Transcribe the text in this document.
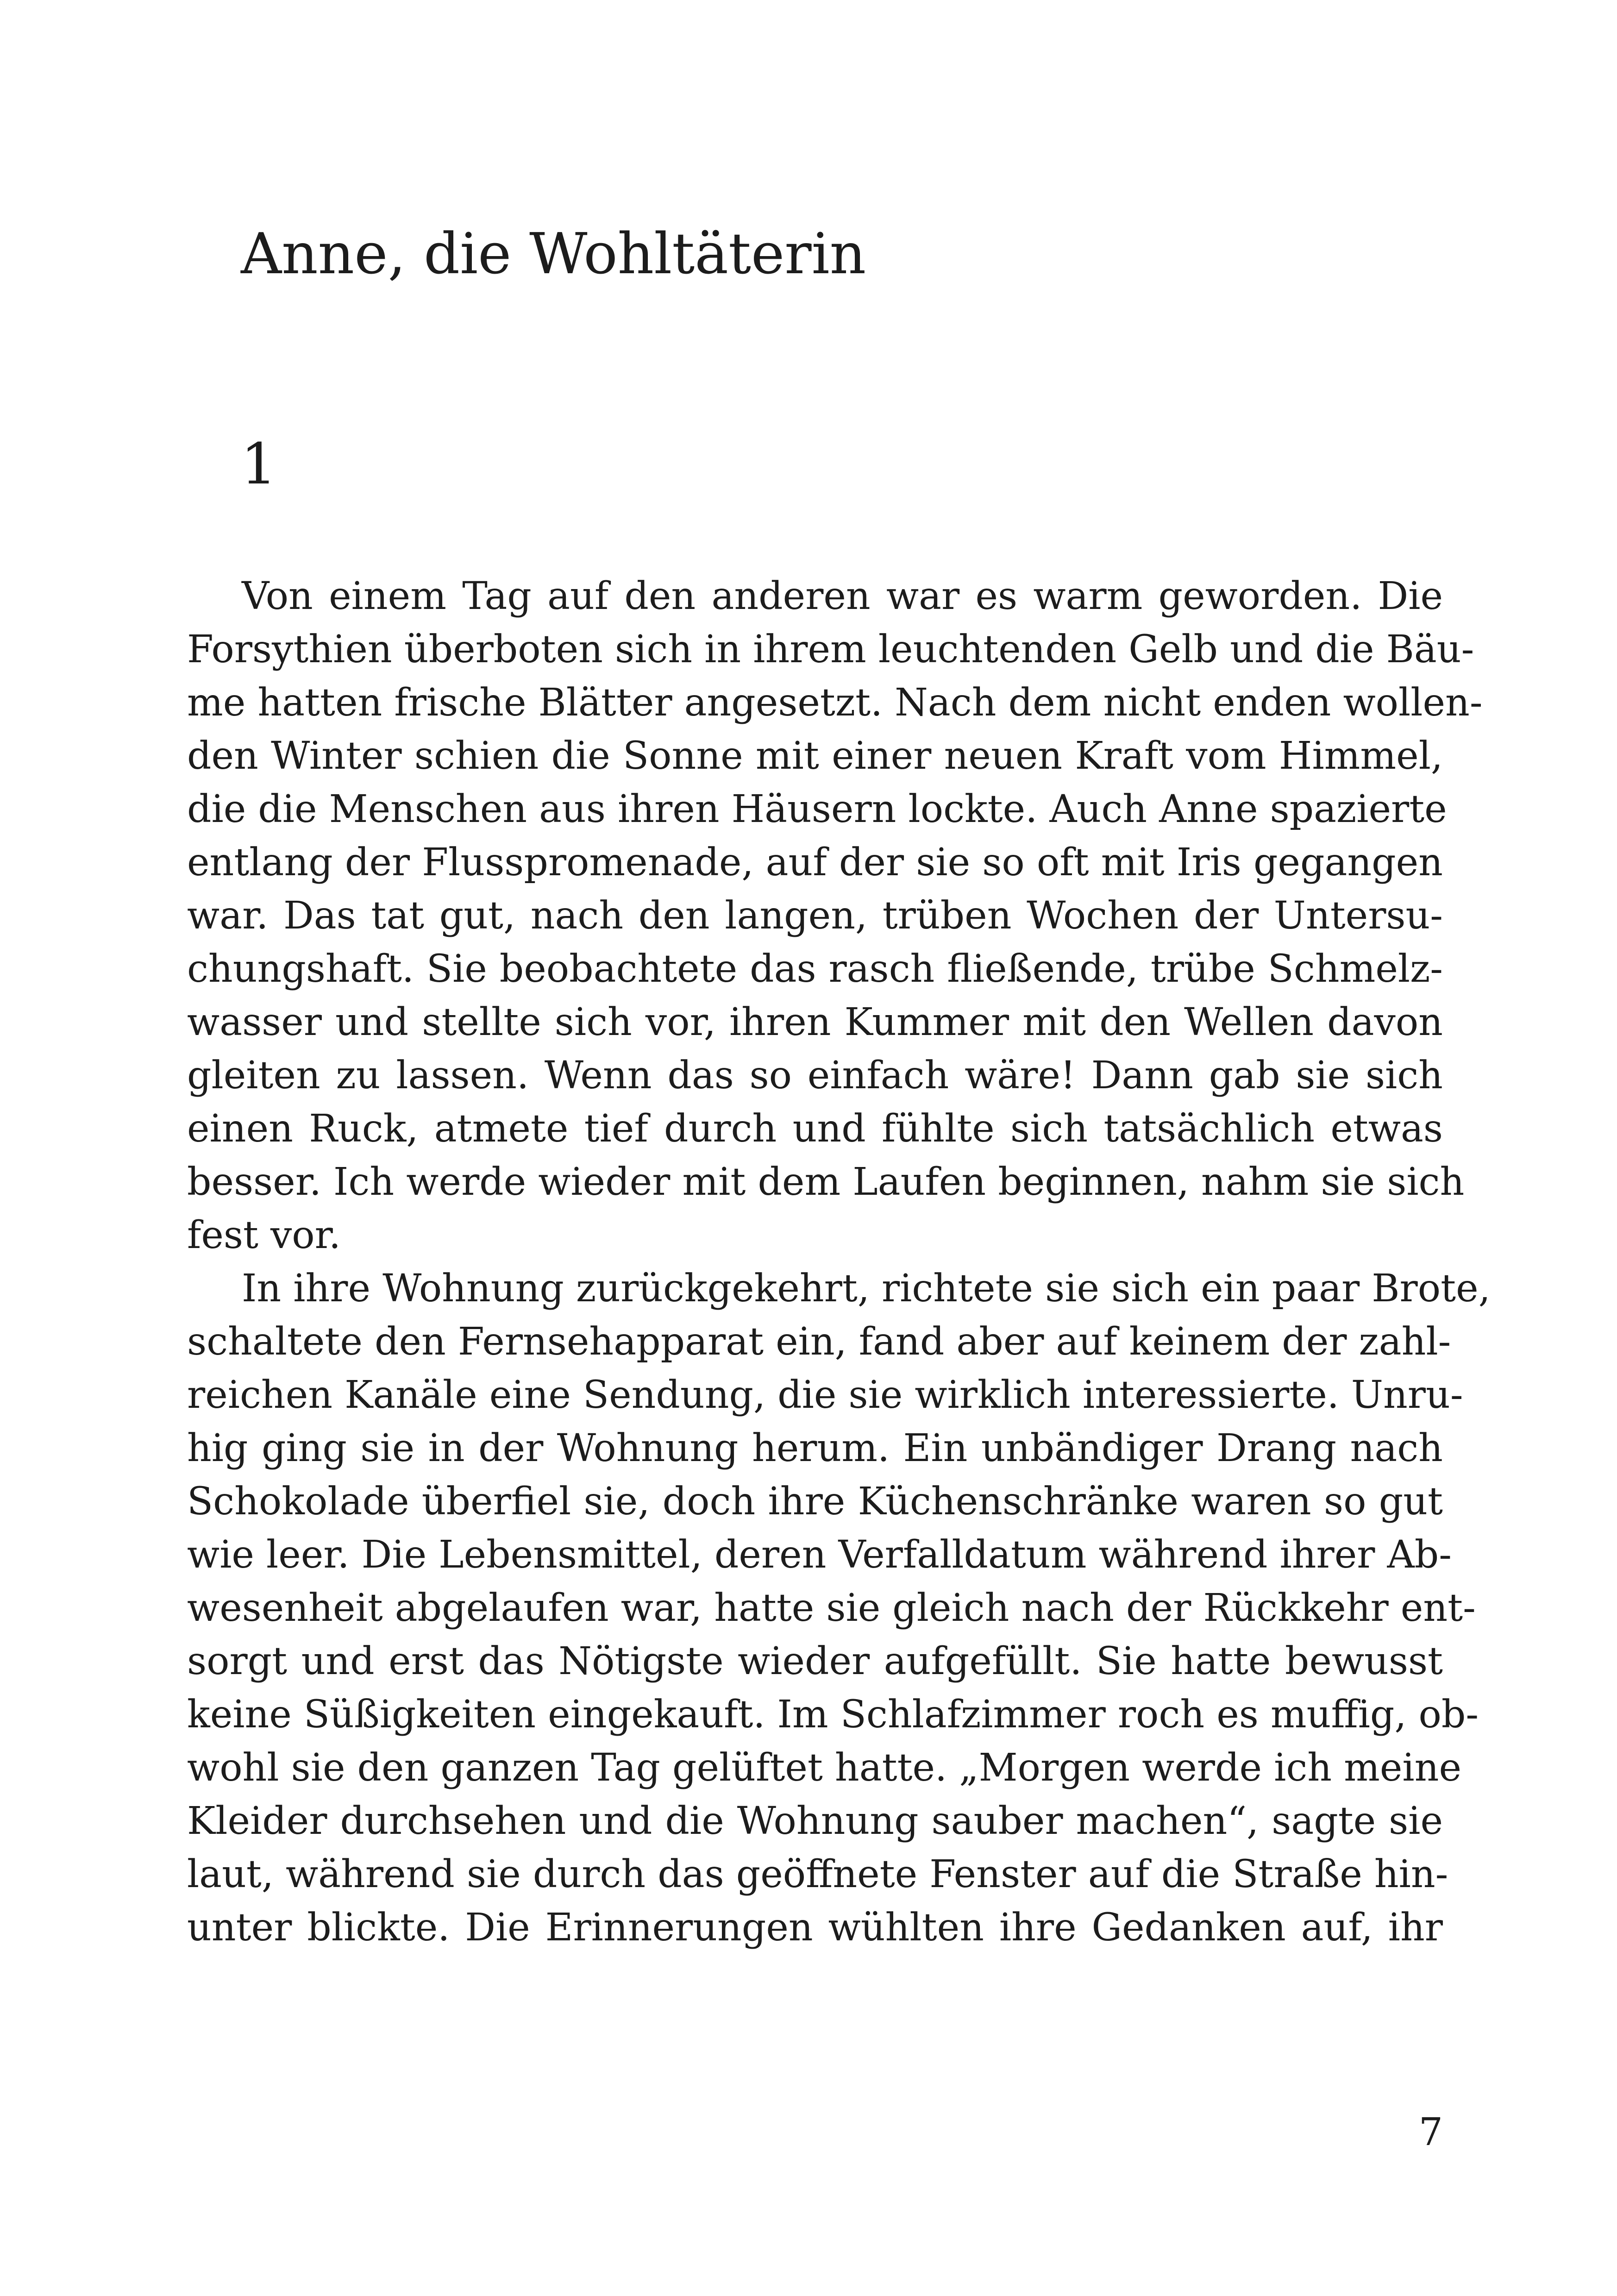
Anne, die Wohltäterin
1
Von einem Tag auf den anderen war es warm geworden. Die
Forsythien überboten sich in ihrem leuchtenden Gelb und die Bäu-
me hatten frische Blätter angesetzt. Nach dem nicht enden wollen-
den Winter schien die Sonne mit einer neuen Kraft vom Himmel,
die die Menschen aus ihren Häusern lockte. Auch Anne spazierte
entlang der Flusspromenade, auf der sie so oft mit Iris gegangen
war. Das tat gut, nach den langen, trüben Wochen der Untersu-
chungshaft. Sie beobachtete das rasch fließende, trübe Schmelz-
wasser und stellte sich vor, ihren Kummer mit den Wellen davon
gleiten zu lassen. Wenn das so einfach wäre! Dann gab sie sich
einen Ruck, atmete tief durch und fühlte sich tatsächlich etwas
besser. Ich werde wieder mit dem Laufen beginnen, nahm sie sich
fest vor.
In ihre Wohnung zurückgekehrt, richtete sie sich ein paar Brote,
schaltete den Fernsehapparat ein, fand aber auf keinem der zahl-
reichen Kanäle eine Sendung, die sie wirklich interessierte. Unru-
hig ging sie in der Wohnung herum. Ein unbändiger Drang nach
Schokolade überfiel sie, doch ihre Küchenschränke waren so gut
wie leer. Die Lebensmittel, deren Verfalldatum während ihrer Ab-
wesenheit abgelaufen war, hatte sie gleich nach der Rückkehr ent-
sorgt und erst das Nötigste wieder aufgefüllt. Sie hatte bewusst
keine Süßigkeiten eingekauft. Im Schlafzimmer roch es muffig, ob-
wohl sie den ganzen Tag gelüftet hatte. „Morgen werde ich meine
Kleider durchsehen und die Wohnung sauber machen“, sagte sie
laut, während sie durch das geöffnete Fenster auf die Straße hin-
unter blickte. Die Erinnerungen wühlten ihre Gedanken auf, ihr
7
